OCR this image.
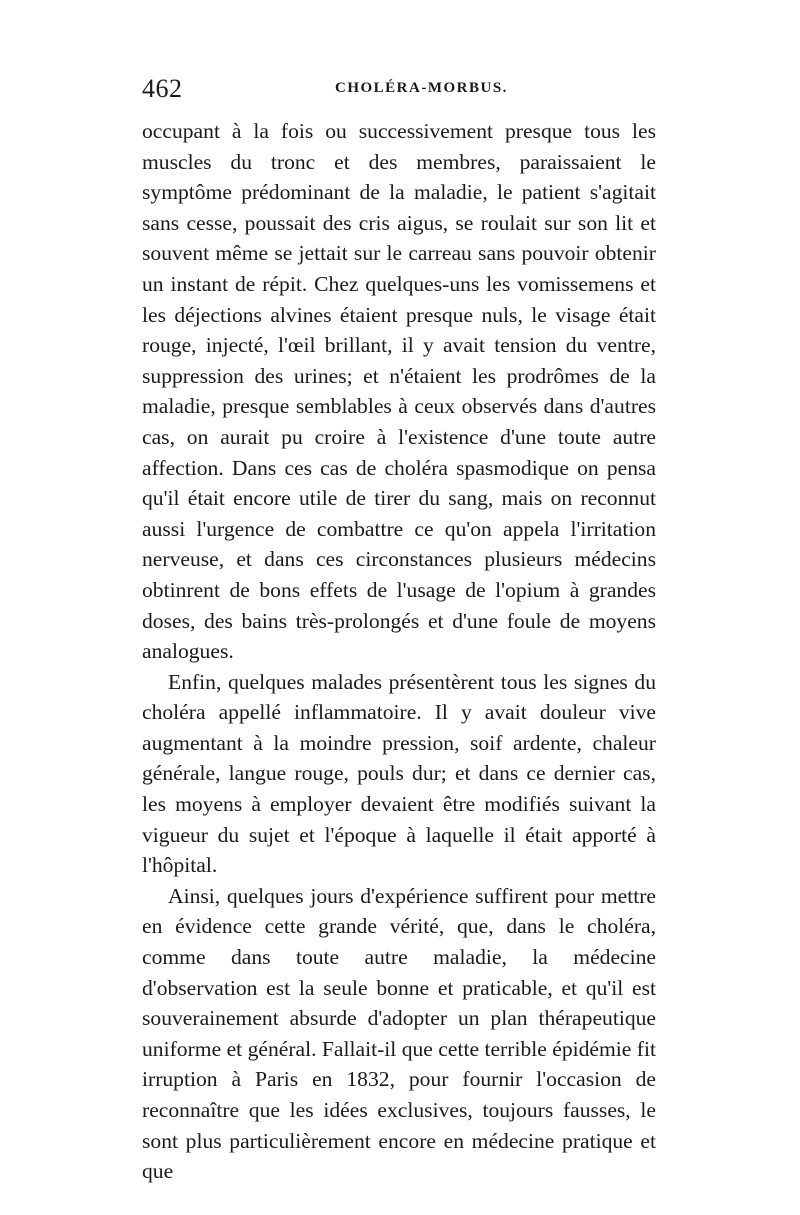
462	CHOLÉRA-MORBUS.

occupant à la fois ou successivement presque tous les muscles du tronc et des membres, paraissaient le symptôme prédominant de la maladie, le patient s'agitait sans cesse, poussait des cris aigus, se roulait sur son lit et souvent même se jettait sur le carreau sans pouvoir obtenir un instant de répit. Chez quelques-uns les vomissemens et les déjections alvines étaient presque nuls, le visage était rouge, injecté, l'œil brillant, il y avait tension du ventre, suppression des urines; et n'étaient les prodrômes de la maladie, presque semblables à ceux observés dans d'autres cas, on aurait pu croire à l'existence d'une toute autre affection. Dans ces cas de choléra spasmodique on pensa qu'il était encore utile de tirer du sang, mais on reconnut aussi l'urgence de combattre ce qu'on appela l'irritation nerveuse, et dans ces circonstances plusieurs médecins obtinrent de bons effets de l'usage de l'opium à grandes doses, des bains très-prolongés et d'une foule de moyens analogues.

Enfin, quelques malades présentèrent tous les signes du choléra appellé inflammatoire. Il y avait douleur vive augmentant à la moindre pression, soif ardente, chaleur générale, langue rouge, pouls dur; et dans ce dernier cas, les moyens à employer devaient être modifiés suivant la vigueur du sujet et l'époque à laquelle il était apporté à l'hôpital.

Ainsi, quelques jours d'expérience suffirent pour mettre en évidence cette grande vérité, que, dans le choléra, comme dans toute autre maladie, la médecine d'observation est la seule bonne et praticable, et qu'il est souverainement absurde d'adopter un plan thérapeutique uniforme et général. Fallait-il que cette terrible épidémie fit irruption à Paris en 1832, pour fournir l'occasion de reconnaître que les idées exclusives, toujours fausses, le sont plus particulièrement encore en médecine pratique et que
